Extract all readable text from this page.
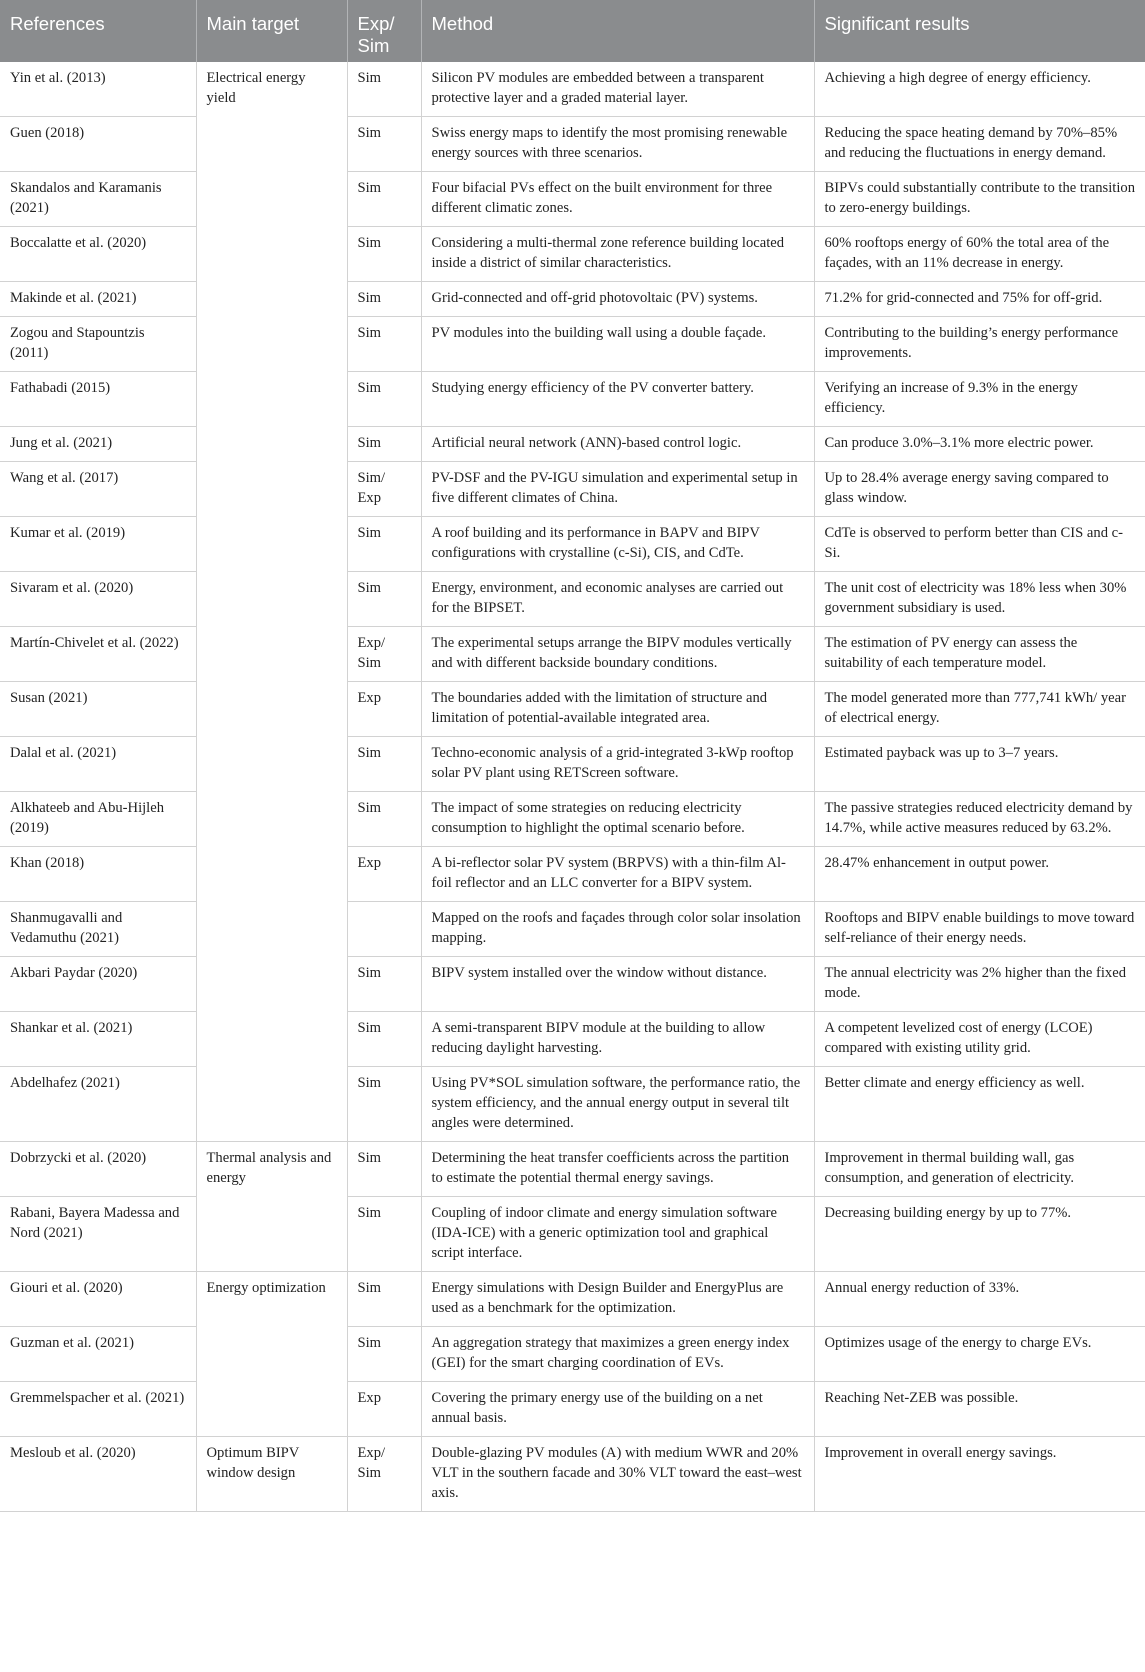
References	Main target	Exp/ Sim	Method	Significant results
Yin et al. (2013)	Electrical energy yield	Sim	Silicon PV modules are embedded between a transparent protective layer and a graded material layer.	Achieving a high degree of energy efficiency.
Guen (2018)		Sim	Swiss energy maps to identify the most promising renewable energy sources with three scenarios.	Reducing the space heating demand by 70%–85% and reducing the fluctuations in energy demand.
Skandalos and Karamanis (2021)		Sim	Four bifacial PVs effect on the built environment for three different climatic zones.	BIPVs could substantially contribute to the transition to zero-energy buildings.
Boccalatte et al. (2020)		Sim	Considering a multi-thermal zone reference building located inside a district of similar characteristics.	60% rooftops energy of 60% the total area of the façades, with an 11% decrease in energy.
Makinde et al. (2021)		Sim	Grid-connected and off-grid photovoltaic (PV) systems.	71.2% for grid-connected and 75% for off-grid.
Zogou and Stapountzis (2011)		Sim	PV modules into the building wall using a double façade.	Contributing to the building’s energy performance improvements.
Fathabadi (2015)		Sim	Studying energy efficiency of the PV converter battery.	Verifying an increase of 9.3% in the energy efficiency.
Jung et al. (2021)		Sim	Artificial neural network (ANN)-based control logic.	Can produce 3.0%–3.1% more electric power.
Wang et al. (2017)		Sim/ Exp	PV-DSF and the PV-IGU simulation and experimental setup in five different climates of China.	Up to 28.4% average energy saving compared to glass window.
Kumar et al. (2019)		Sim	A roof building and its performance in BAPV and BIPV configurations with crystalline (c-Si), CIS, and CdTe.	CdTe is observed to perform better than CIS and c-Si.
Sivaram et al. (2020)		Sim	Energy, environment, and economic analyses are carried out for the BIPSET.	The unit cost of electricity was 18% less when 30% government subsidiary is used.
Martín-Chivelet et al. (2022)		Exp/ Sim	The experimental setups arrange the BIPV modules vertically and with different backside boundary conditions.	The estimation of PV energy can assess the suitability of each temperature model.
Susan (2021)		Exp	The boundaries added with the limitation of structure and limitation of potential-available integrated area.	The model generated more than 777,741 kWh/ year of electrical energy.
Dalal et al. (2021)		Sim	Techno-economic analysis of a grid-integrated 3-kWp rooftop solar PV plant using RETScreen software.	Estimated payback was up to 3–7 years.
Alkhateeb and Abu-Hijleh (2019)		Sim	The impact of some strategies on reducing electricity consumption to highlight the optimal scenario before.	The passive strategies reduced electricity demand by 14.7%, while active measures reduced by 63.2%.
Khan (2018)		Exp	A bi-reflector solar PV system (BRPVS) with a thin-film Al-foil reflector and an LLC converter for a BIPV system.	28.47% enhancement in output power.
Shanmugavalli and Vedamuthu (2021)			Mapped on the roofs and façades through color solar insolation mapping.	Rooftops and BIPV enable buildings to move toward self-reliance of their energy needs.
Akbari Paydar (2020)		Sim	BIPV system installed over the window without distance.	The annual electricity was 2% higher than the fixed mode.
Shankar et al. (2021)		Sim	A semi-transparent BIPV module at the building to allow reducing daylight harvesting.	A competent levelized cost of energy (LCOE) compared with existing utility grid.
Abdelhafez (2021)		Sim	Using PV*SOL simulation software, the performance ratio, the system efficiency, and the annual energy output in several tilt angles were determined.	Better climate and energy efficiency as well.
Dobrzycki et al. (2020)	Thermal analysis and energy	Sim	Determining the heat transfer coefficients across the partition to estimate the potential thermal energy savings.	Improvement in thermal building wall, gas consumption, and generation of electricity.
Rabani, Bayera Madessa and Nord (2021)		Sim	Coupling of indoor climate and energy simulation software (IDA-ICE) with a generic optimization tool and graphical script interface.	Decreasing building energy by up to 77%.
Giouri et al. (2020)	Energy optimization	Sim	Energy simulations with Design Builder and EnergyPlus are used as a benchmark for the optimization.	Annual energy reduction of 33%.
Guzman et al. (2021)		Sim	An aggregation strategy that maximizes a green energy index (GEI) for the smart charging coordination of EVs.	Optimizes usage of the energy to charge EVs.
Gremmelspacher et al. (2021)		Exp	Covering the primary energy use of the building on a net annual basis.	Reaching Net-ZEB was possible.
Mesloub et al. (2020)	Optimum BIPV window design	Exp/ Sim	Double-glazing PV modules (A) with medium WWR and 20% VLT in the southern facade and 30% VLT toward the east–west axis.	Improvement in overall energy savings.
